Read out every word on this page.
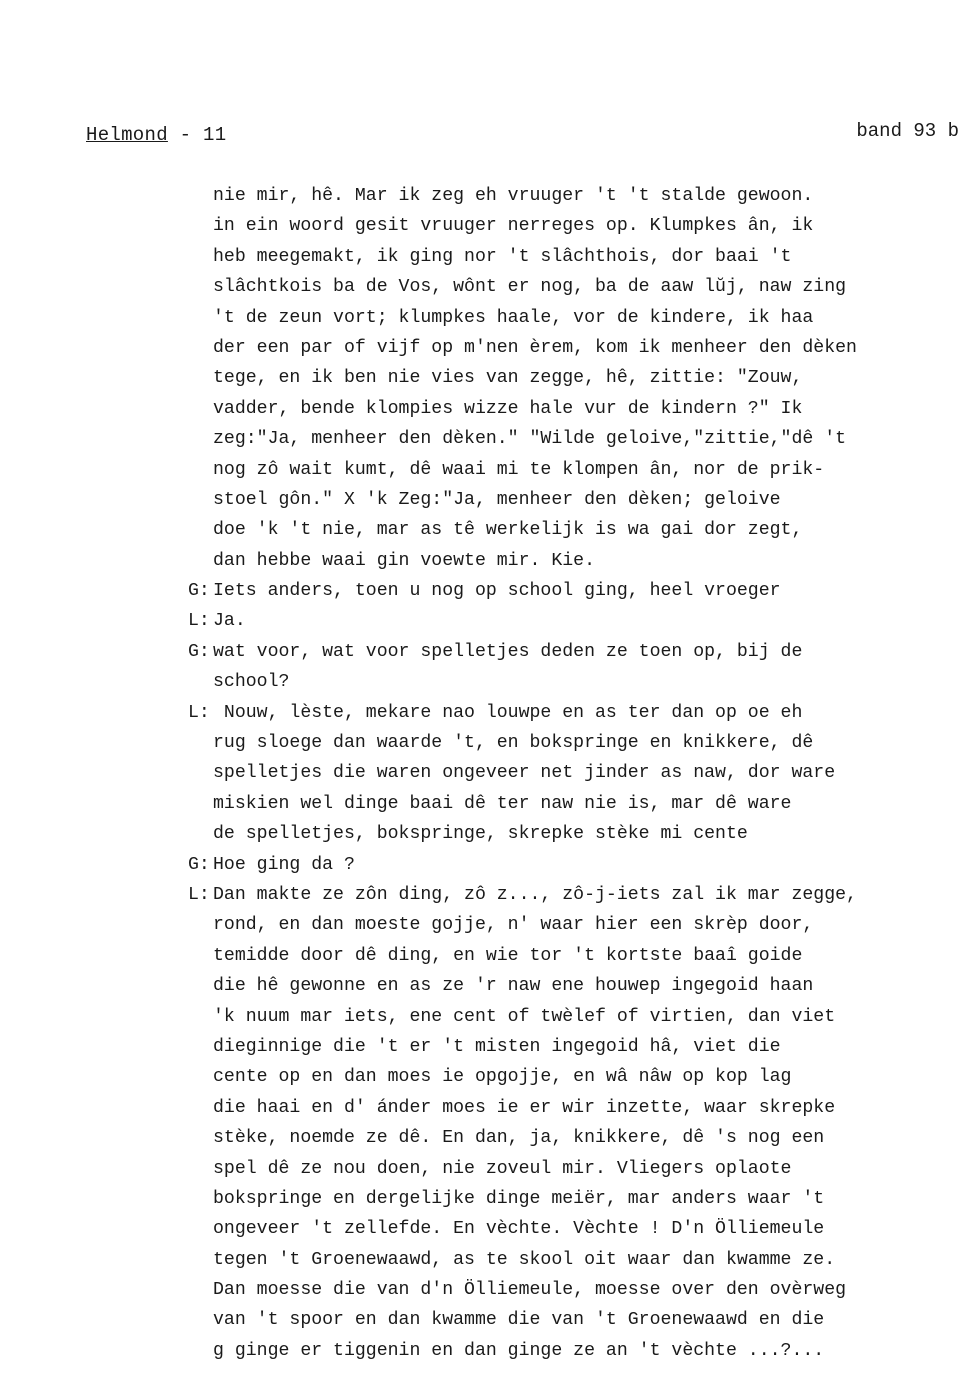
Helmond - 11	band 93 b
nie mir, hê. Mar ik zeg eh vruuger 't 't stalde gewoon.
in ein woord gesit vruuger nerreges op. Klumpkes ân, ik
heb meegemakt, ik ging nor 't slâchthois, dor baai 't
slâchtkois ba de Vos, wônt er nog, ba de aaw lŭj, naw zing
't de zeun vort; klumpkes haale, vor de kindere, ik haa
der een par of vijf op m'nen èrem, kom ik menheer den dèken
tege, en ik ben nie vies van zegge, hê, zittie: "Zouw,
vadder, bende klompies wizze hale vur de kindern ?" Ik
zeg:"Ja, menheer den dèken." "Wilde geloive,"zittie,"dê 't
nog zô wait kumt, dê waai mi te klompen ân, nor de prik-
stoel gôn." X 'k Zeg:"Ja, menheer den dèken; geloive
doe 'k 't nie, mar as tê werkelijk is wa gai dor zegt,
dan hebbe waai gin voewte mir. Kie.
G: Iets anders, toen u nog op school ging, heel vroeger
L: Ja.
G: wat voor, wat voor spelletjes deden ze toen op, bij de
school?
L: Nouw, lèste, mekare nao louwpe en as ter dan op oe eh
rug sloege dan waarde 't, en bokspringe en knikkere, dê
spelletjes die waren ongeveer net jinder as naw, dor ware
miskien wel dinge baai dê ter naw nie is, mar dê ware
de spelletjes, bokspringe, skrepke stèke mi cente
G: Hoe ging da ?
L: Dan makte ze zôn ding, zô z..., zô-j-iets zal ik mar zegge,
rond, en dan moeste gojje, n' waar hier een skrèp door,
temidde door dê ding, en wie tor 't kortste baaî goide
die hê gewonne en as ze 'r naw ene houwep ingegoid haan
'k nuum mar iets, ene cent of twèlef of virtien, dan viet
dieginnige die 't er 't misten ingegoid hâ, viet die
cente op en dan moes ie opgojje, en wâ nâw op kop lag
die haai en d' ánder moes ie er wir inzette, waar skrepke
stèke, noemde ze dê. En dan, ja, knikkere, dê 's nog een
spel dê ze nou doen, nie zoveul mir. Vliegers oplaote
bokspringe en dergelijke dinge meiër, mar anders waar 't
ongeveer 't zellefde. En vèchte. Vèchte ! D'n Ölliemeule
tegen 't Groenewaawd, as te skool oit waar dan kwamme ze.
Dan moesse die van d'n Ölliemeule, moesse over den ovèrweg
van 't spoor en dan kwamme die van 't Groenewaawd en die
g ginge er tiggenin en dan ginge ze an 't vèchte ...?...
